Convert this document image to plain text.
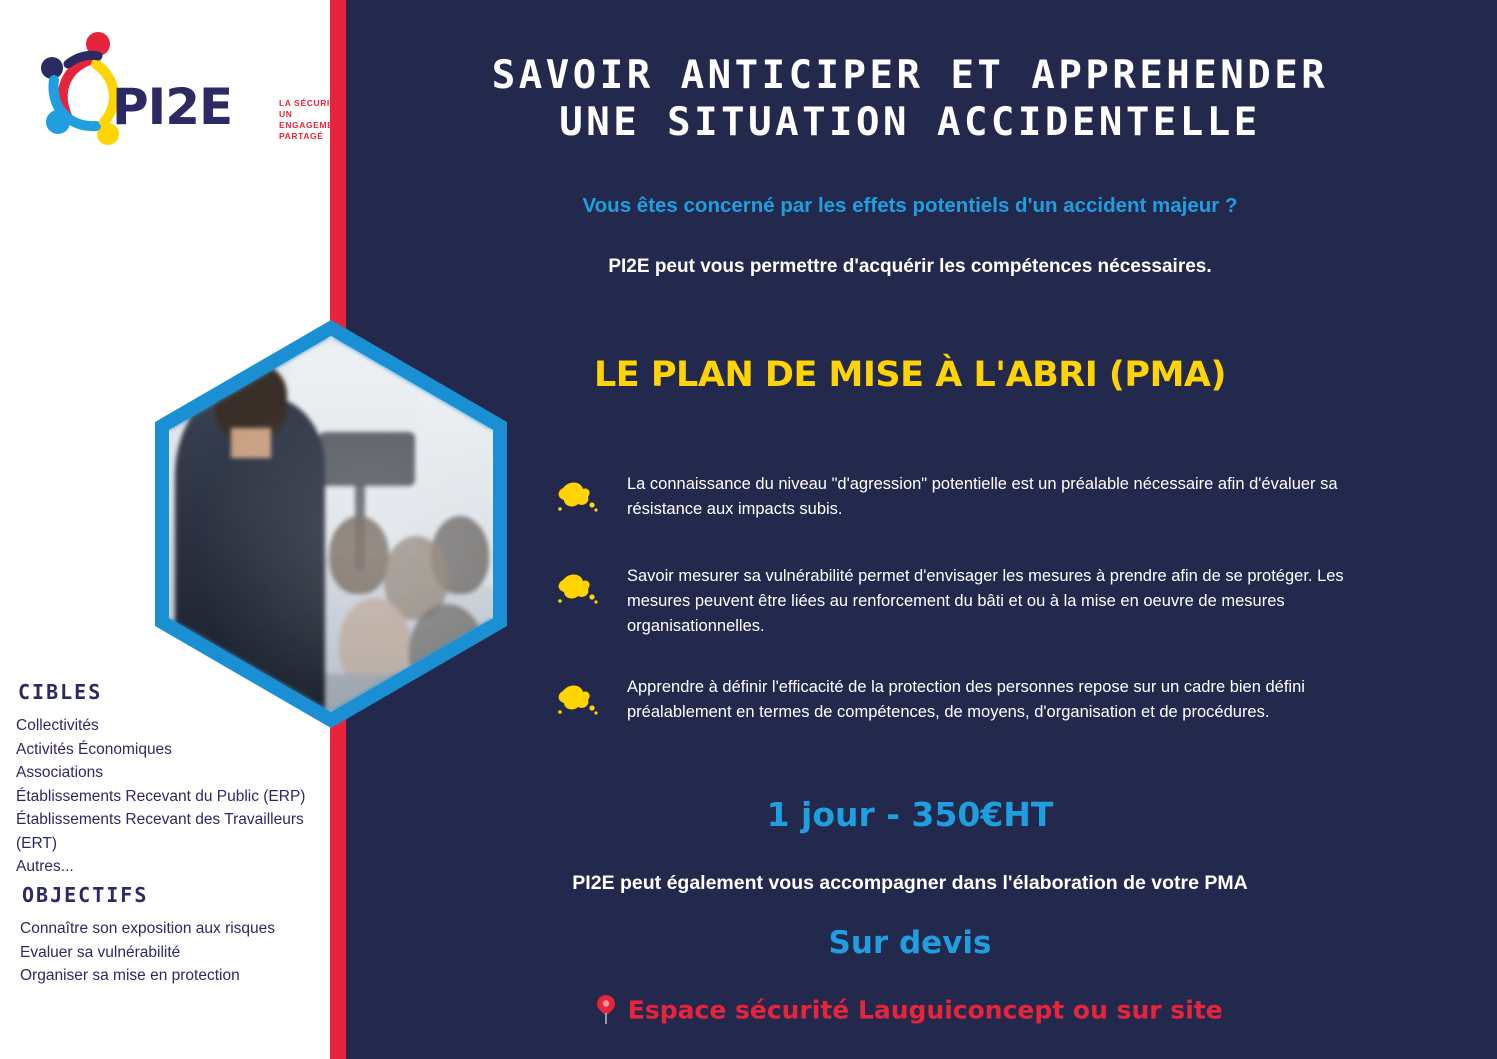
PI2E	LA SÉCURITÉ
UN ENGAGEMENT
PARTAGÉ
CIBLES
Collectivités
Activités Économiques
Associations
Établissements Recevant du Public (ERP)
Établissements Recevant des Travailleurs (ERT)
Autres...
OBJECTIFS
Connaître son exposition aux risques
Evaluer sa vulnérabilité
Organiser sa mise en protection
SAVOIR ANTICIPER ET APPREHENDER
UNE SITUATION ACCIDENTELLE
Vous êtes concerné par les effets potentiels d'un accident majeur ?
PI2E peut vous permettre d'acquérir les compétences nécessaires.
LE PLAN DE MISE À L'ABRI (PMA)
La connaissance du niveau "d'agression" potentielle est un préalable nécessaire afin d'évaluer sa résistance aux impacts subis.
Savoir mesurer sa vulnérabilité permet d'envisager les mesures à prendre afin de se protéger. Les mesures peuvent être liées au renforcement du bâti et ou à la mise en oeuvre de mesures organisationnelles.
Apprendre à définir l'efficacité de la protection des personnes repose sur un cadre bien défini préalablement en termes de compétences, de moyens, d'organisation et de procédures.
1 jour - 350€HT
PI2E peut également vous accompagner dans l'élaboration de votre PMA
Sur devis
Espace sécurité Lauguiconcept ou sur site
